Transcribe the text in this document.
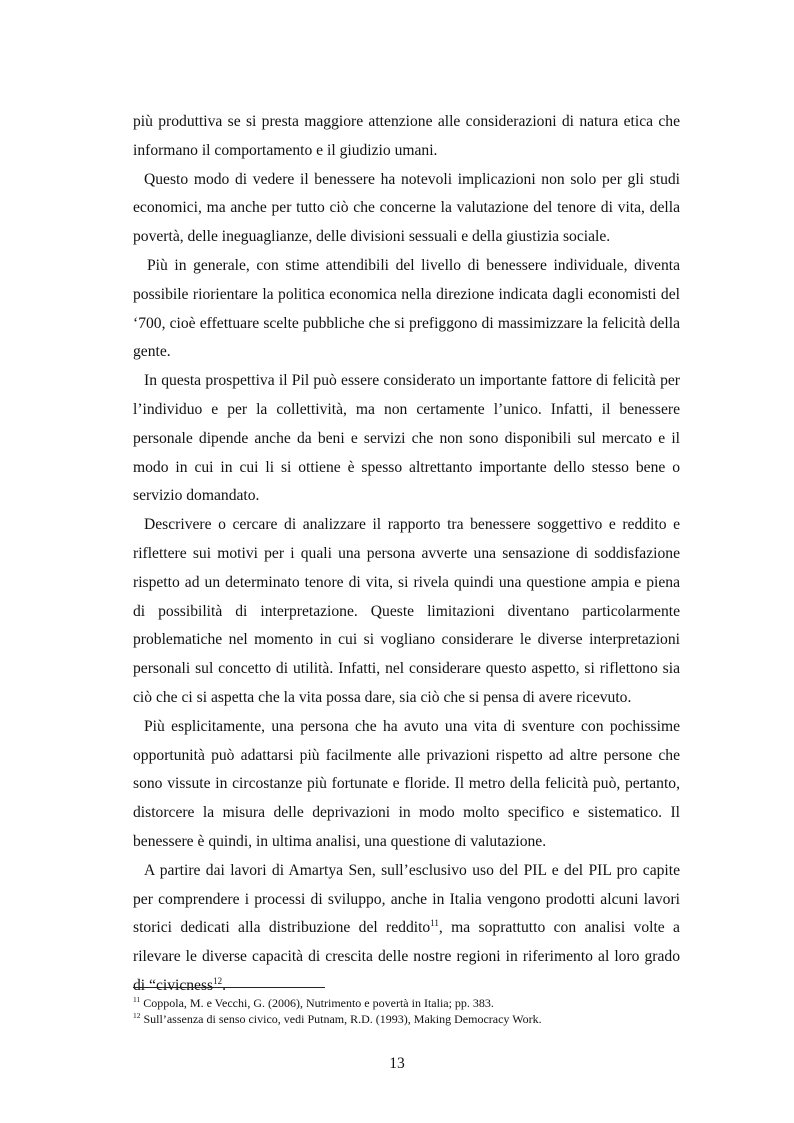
più produttiva se si presta maggiore attenzione alle considerazioni di natura etica che informano il comportamento e il giudizio umani.

Questo modo di vedere il benessere ha notevoli implicazioni non solo per gli studi economici, ma anche per tutto ciò che concerne la valutazione del tenore di vita, della povertà, delle ineguaglianze, delle divisioni sessuali e della giustizia sociale.

Più in generale, con stime attendibili del livello di benessere individuale, diventa possibile riorientare la politica economica nella direzione indicata dagli economisti del ‘700, cioè effettuare scelte pubbliche che si prefiggono di massimizzare la felicità della gente.

In questa prospettiva il Pil può essere considerato un importante fattore di felicità per l’individuo e per la collettività, ma non certamente l’unico. Infatti, il benessere personale dipende anche da beni e servizi che non sono disponibili sul mercato e il modo in cui in cui li si ottiene è spesso altrettanto importante dello stesso bene o servizio domandato.

Descrivere o cercare di analizzare il rapporto tra benessere soggettivo e reddito e riflettere sui motivi per i quali una persona avverte una sensazione di soddisfazione rispetto ad un determinato tenore di vita, si rivela quindi una questione ampia e piena di possibilità di interpretazione. Queste limitazioni diventano particolarmente problematiche nel momento in cui si vogliano considerare le diverse interpretazioni personali sul concetto di utilità. Infatti, nel considerare questo aspetto, si riflettono sia ciò che ci si aspetta che la vita possa dare, sia ciò che si pensa di avere ricevuto.

Più esplicitamente, una persona che ha avuto una vita di sventure con pochissime opportunità può adattarsi più facilmente alle privazioni rispetto ad altre persone che sono vissute in circostanze più fortunate e floride. Il metro della felicità può, pertanto, distorcere la misura delle deprivazioni in modo molto specifico e sistematico. Il benessere è quindi, in ultima analisi, una questione di valutazione.

A partire dai lavori di Amartya Sen, sull’esclusivo uso del PIL e del PIL pro capite per comprendere i processi di sviluppo, anche in Italia vengono prodotti alcuni lavori storici dedicati alla distribuzione del reddito$^{11}$, ma soprattutto con analisi volte a rilevare le diverse capacità di crescita delle nostre regioni in riferimento al loro grado di “civicness$^{12}$.

$^{11}$ Coppola, M. e Vecchi, G. (2006), Nutrimento e povertà in Italia; pp. 383.

$^{12}$ Sull’assenza di senso civico, vedi Putnam, R.D. (1993), Making Democracy Work.

13
